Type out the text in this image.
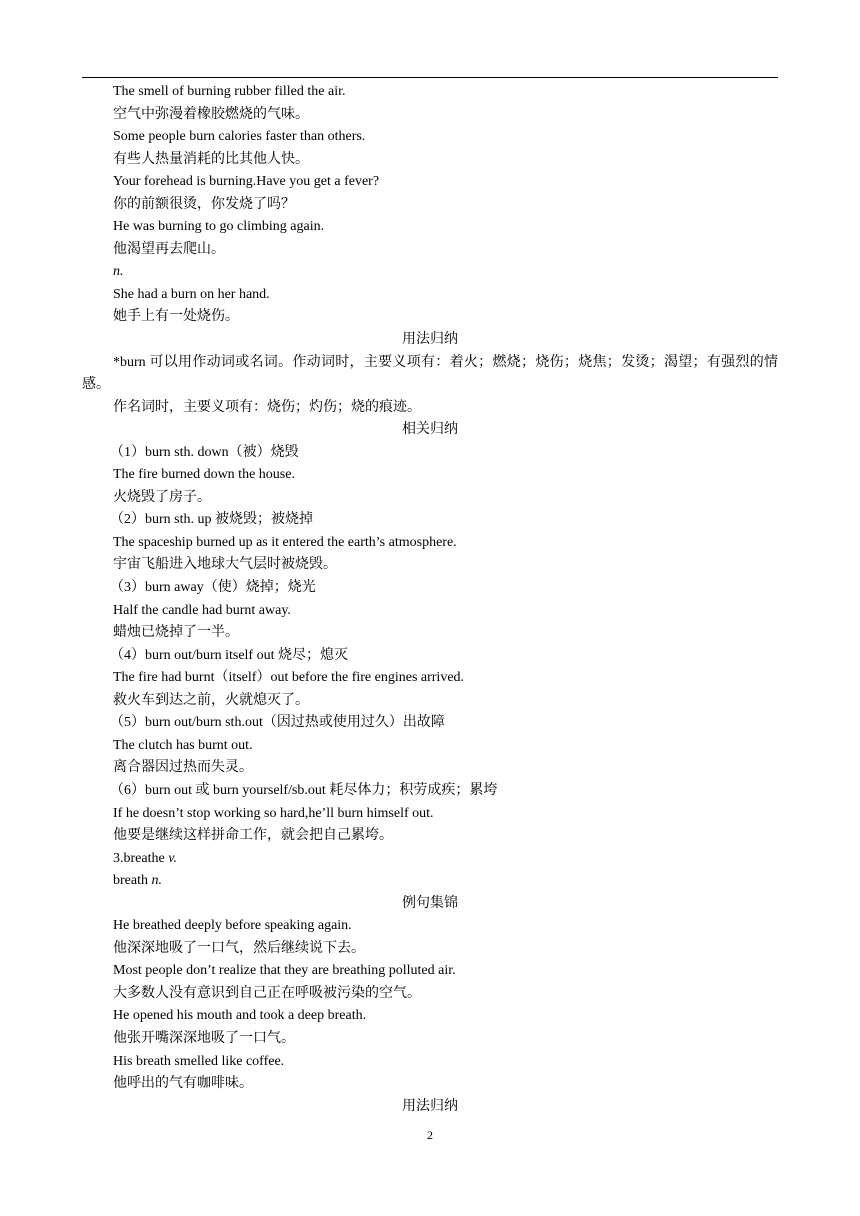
The smell of burning rubber filled the air.
空气中弥漫着橡胶燃烧的气味。
Some people burn calories faster than others.
有些人热量消耗的比其他人快。
Your forehead is burning.Have you get a fever?
你的前额很烫，你发烧了吗？
He was burning to go climbing again.
他渴望再去爬山。
n.
She had a burn on her hand.
她手上有一处烧伤。
用法归纳
*burn 可以用作动词或名词。作动词时，主要义项有：着火；燃烧；烧伤；烧焦；发烫；渴望；有强烈的情感。
作名词时，主要义项有：烧伤；灼伤；烧的痕迹。
相关归纳
（1）burn sth. down（被）烧毁
The fire burned down the house.
火烧毁了房子。
（2）burn sth. up 被烧毁；被烧掉
The spaceship burned up as it entered the earth’s atmosphere.
宇宙飞船进入地球大气层时被烧毁。
（3）burn away（使）烧掉；烧光
Half the candle had burnt away.
蜡烛已烧掉了一半。
（4）burn out/burn itself out 烧尽；熄灭
The fire had burnt（itself）out before the fire engines arrived.
救火车到达之前，火就熄灭了。
（5）burn out/burn sth.out（因过热或使用过久）出故障
The clutch has burnt out.
离合器因过热而失灵。
（6）burn out 或 burn yourself/sb.out 耗尽体力；积劳成疾；累垮
If he doesn’t stop working so hard,he’ll burn himself out.
他要是继续这样拼命工作，就会把自己累垮。
3.breathe v.
breath n.
例句集锦
He breathed deeply before speaking again.
他深深地吸了一口气，然后继续说下去。
Most people don’t realize that they are breathing polluted air.
大多数人没有意识到自己正在呼吸被污染的空气。
He opened his mouth and took a deep breath.
他张开嘴深深地吸了一口气。
His breath smelled like coffee.
他呼出的气有咖啡味。
用法归纳
2
